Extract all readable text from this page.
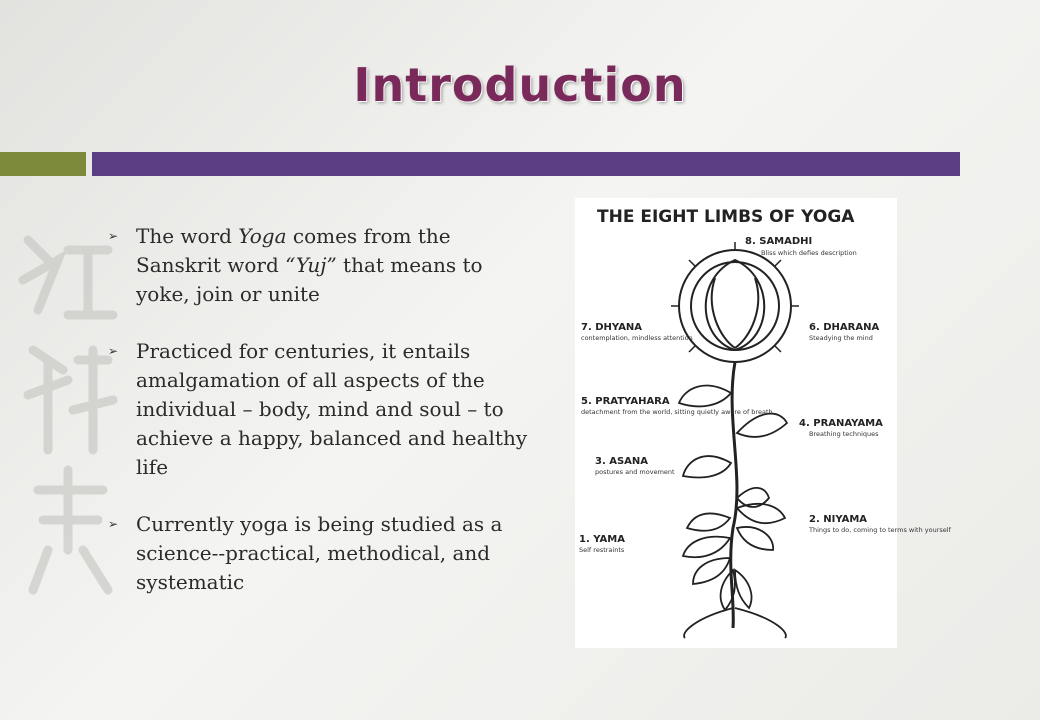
Introduction
➢ The word Yoga comes from the Sanskrit word “Yuj” that means to yoke, join or unite
➢ Practiced for centuries, it entails amalgamation of all aspects of the individual – body, mind and soul – to achieve a happy, balanced and healthy life
➢ Currently yoga is being studied as a science--practical, methodical, and systematic
THE EIGHT LIMBS OF YOGA
8. SAMADHI
7. DHYANA	6. DHARANA
5. PRATYAHARA
4. PRANAYAMA
3. ASANA
2. NIYAMA
1. YAMA
Bliss which defies description
contemplation, mindless attention	Steadying the mind
detachment from the world, sitting quietly aware of breath
Breathing techniques
postures and movement
Things to do, coming to terms with yourself
Self restraints
